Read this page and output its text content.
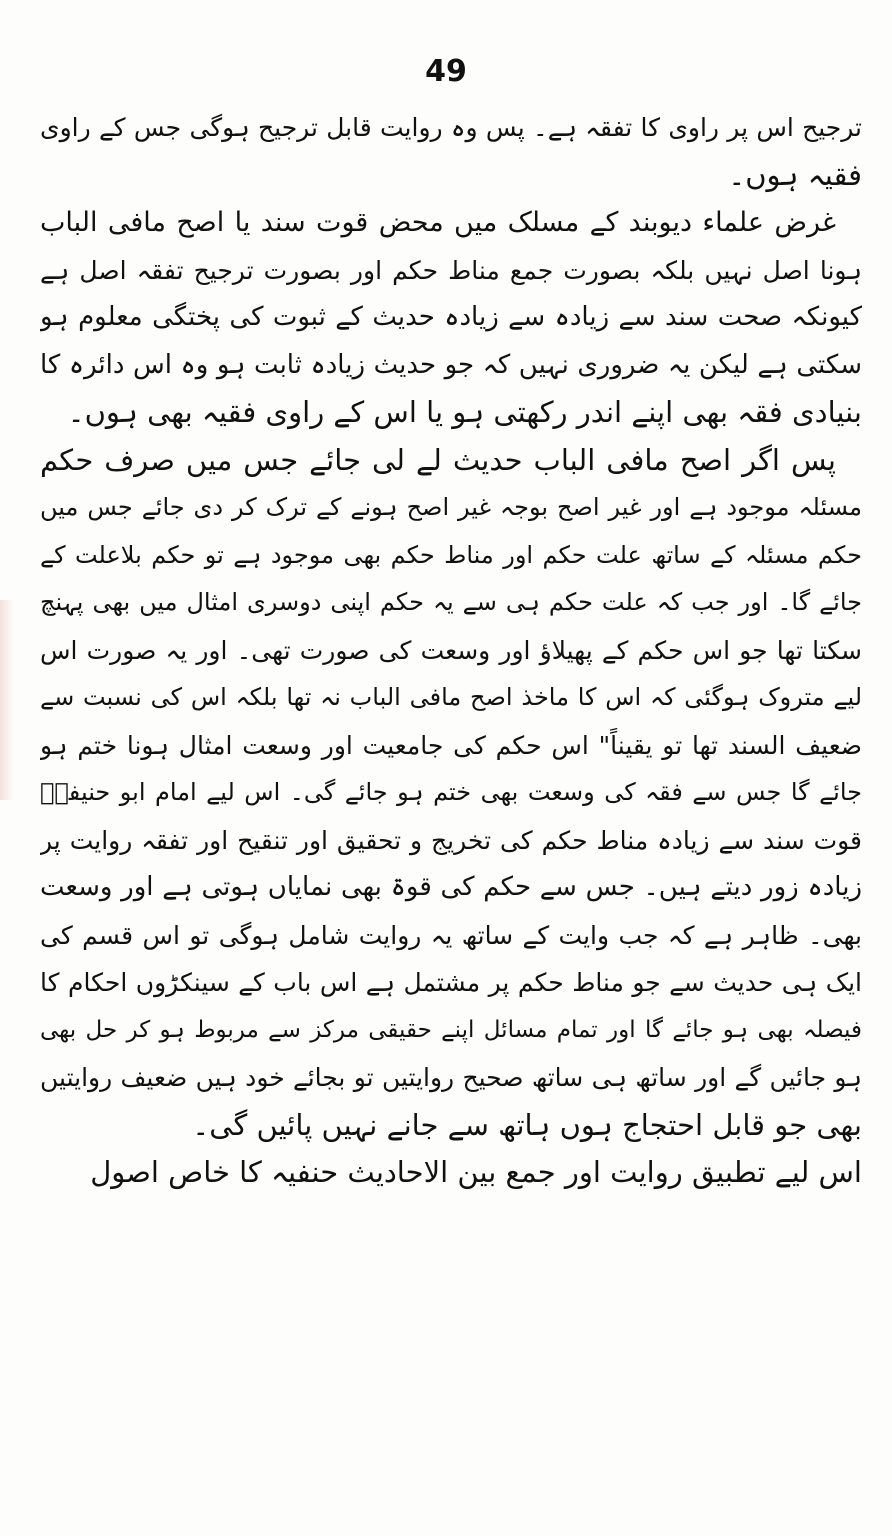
49
ترجیح اس پر راوی کا تفقہ ہے۔ پس وہ روایت قابل ترجیح ہوگی جس کے راوی
فقیہ ہوں۔
غرض علماء دیوبند کے مسلک میں محض قوت سند یا اصح مافی الباب
ہونا اصل نہیں بلکہ بصورت جمع مناط حکم اور بصورت ترجیح تفقہ اصل ہے
کیونکہ صحت سند سے زیادہ سے زیادہ حدیث کے ثبوت کی پختگی معلوم ہو
سکتی ہے لیکن یہ ضروری نہیں کہ جو حدیث زیادہ ثابت ہو وہ اس دائرہ کا
بنیادی فقہ بھی اپنے اندر رکھتی ہو یا اس کے راوی فقیہ بھی ہوں۔
پس اگر اصح مافی الباب حدیث لے لی جائے جس میں صرف حکم
مسئلہ موجود ہے اور غیر اصح بوجہ غیر اصح ہونے کے ترک کر دی جائے جس میں
حکم مسئلہ کے ساتھ علت حکم اور مناط حکم بھی موجود ہے تو حکم بلاعلت کے
جائے گا۔ اور جب کہ علت حکم ہی سے یہ حکم اپنی دوسری امثال میں بھی پہنچ
سکتا تھا جو اس حکم کے پھیلاؤ اور وسعت کی صورت تھی۔ اور یہ صورت اس
لیے متروک ہوگئی کہ اس کا ماخذ اصح مافی الباب نہ تھا بلکہ اس کی نسبت سے
ضعیف السند تھا تو یقیناً" اس حکم کی جامعیت اور وسعت امثال ہونا ختم ہو
جائے گا جس سے فقہ کی وسعت بھی ختم ہو جائے گی۔ اس لیے امام ابو حنیفہؒ
قوت سند سے زیادہ مناط حکم کی تخریج و تحقیق اور تنقیح اور تفقہ روایت پر
زیادہ زور دیتے ہیں۔ جس سے حکم کی قوۃ بھی نمایاں ہوتی ہے اور وسعت
بھی۔ ظاہر ہے کہ جب وایت کے ساتھ یہ روایت شامل ہوگی تو اس قسم کی
ایک ہی حدیث سے جو مناط حکم پر مشتمل ہے اس باب کے سینکڑوں احکام کا
فیصلہ بھی ہو جائے گا اور تمام مسائل اپنے حقیقی مرکز سے مربوط ہو کر حل بھی
ہو جائیں گے اور ساتھ ہی ساتھ صحیح روایتیں تو بجائے خود ہیں ضعیف روایتیں
بھی جو قابل احتجاج ہوں ہاتھ سے جانے نہیں پائیں گی۔
اس لیے تطبیق روایت اور جمع بین الاحادیث حنفیہ کا خاص اصول
